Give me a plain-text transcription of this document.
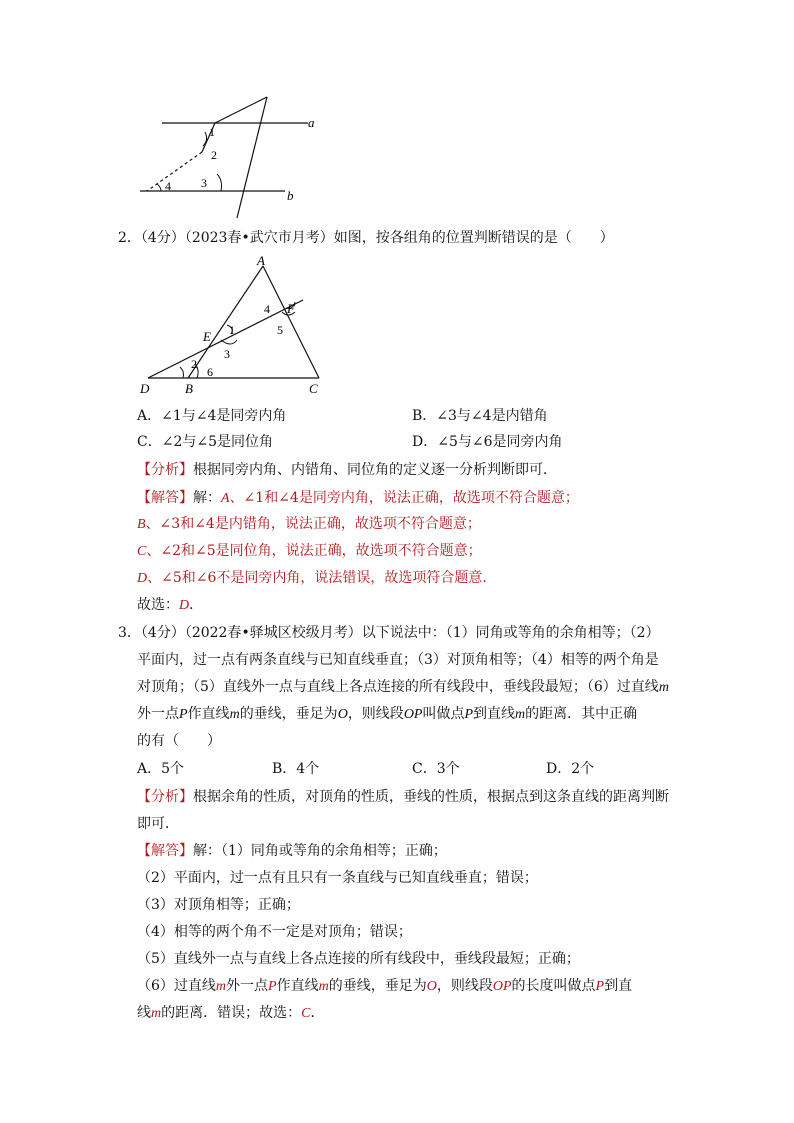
a
b
1
2
3
4
2．（4分）（2023春•武穴市月考）如图，按各组角的位置判断错误的是（　　）
A
F
E
D	B	C
1
2
3
4
5
6
A．∠1与∠4是同旁内角	B．∠3与∠4是内错角
C．∠2与∠5是同位角	D．∠5与∠6是同旁内角
【分析】根据同旁内角、内错角、同位角的定义逐一分析判断即可．
【解答】解：A、∠1和∠4是同旁内角，说法正确，故选项不符合题意；
B、∠3和∠4是内错角，说法正确，故选项不符合题意；
C、∠2和∠5是同位角，说法正确，故选项不符合题意；
D、∠5和∠6不是同旁内角，说法错误，故选项符合题意．
故选：D．
3．（4分）（2022春•驿城区校级月考）以下说法中：（1）同角或等角的余角相等；（2）
平面内，过一点有两条直线与已知直线垂直；（3）对顶角相等；（4）相等的两个角是
对顶角；（5）直线外一点与直线上各点连接的所有线段中，垂线段最短；（6）过直线m
外一点P作直线m的垂线，垂足为O，则线段OP叫做点P到直线m的距离．其中正确
的有（　　）
A．5个	B．4个	C．3个	D．2个
【分析】根据余角的性质，对顶角的性质，垂线的性质，根据点到这条直线的距离判断
即可．
【解答】解：（1）同角或等角的余角相等；正确；
（2）平面内，过一点有且只有一条直线与已知直线垂直；错误；
（3）对顶角相等；正确；
（4）相等的两个角不一定是对顶角；错误；
（5）直线外一点与直线上各点连接的所有线段中，垂线段最短；正确；
（6）过直线m外一点P作直线m的垂线，垂足为O，则线段OP的长度叫做点P到直
线m的距离．错误；故选：C．
